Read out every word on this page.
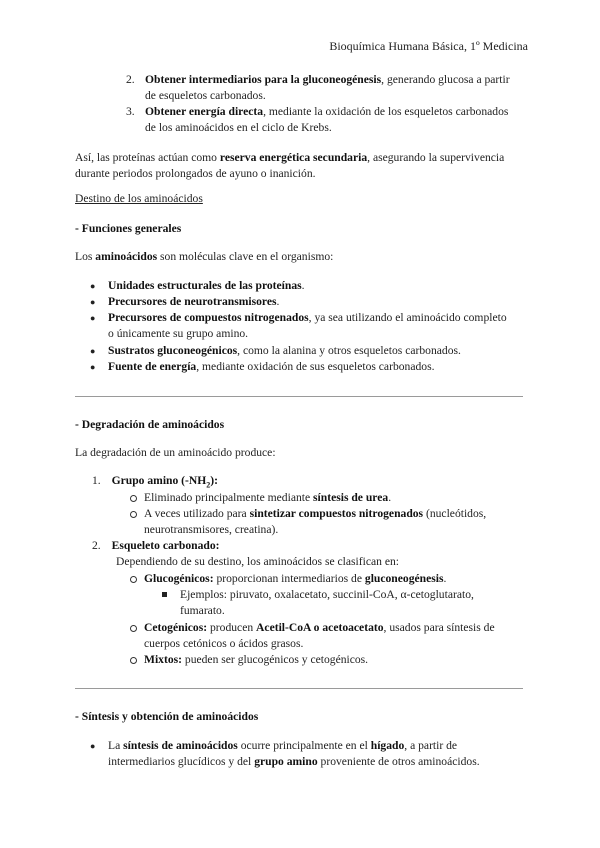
Bioquímica Humana Básica, 1º Medicina
2. Obtener intermediarios para la gluconeogénesis, generando glucosa a partir
de esqueletos carbonados.
3. Obtener energía directa, mediante la oxidación de los esqueletos carbonados
de los aminoácidos en el ciclo de Krebs.
Así, las proteínas actúan como reserva energética secundaria, asegurando la supervivencia
durante periodos prolongados de ayuno o inanición.
Destino de los aminoácidos
- Funciones generales
Los aminoácidos son moléculas clave en el organismo:
● Unidades estructurales de las proteínas.
● Precursores de neurotransmisores.
● Precursores de compuestos nitrogenados, ya sea utilizando el aminoácido completo
o únicamente su grupo amino.
● Sustratos gluconeogénicos, como la alanina y otros esqueletos carbonados.
● Fuente de energía, mediante oxidación de sus esqueletos carbonados.
- Degradación de aminoácidos
La degradación de un aminoácido produce:
1. Grupo amino $(-NH_2)$:
Eliminado principalmente mediante síntesis de urea.
A veces utilizado para sintetizar compuestos nitrogenados (nucleótidos,
neurotransmisores, creatina).
2. Esqueleto carbonado:
Dependiendo de su destino, los aminoácidos se clasifican en:
Glucogénicos: proporcionan intermediarios de gluconeogénesis.
Ejemplos: piruvato, oxalacetato, succinil-CoA, α-cetoglutarato,
fumarato.
Cetogénicos: producen Acetil-CoA o acetoacetato, usados para síntesis de
cuerpos cetónicos o ácidos grasos.
Mixtos: pueden ser glucogénicos y cetogénicos.
- Síntesis y obtención de aminoácidos
● La síntesis de aminoácidos ocurre principalmente en el hígado, a partir de
intermediarios glucídicos y del grupo amino proveniente de otros aminoácidos.
